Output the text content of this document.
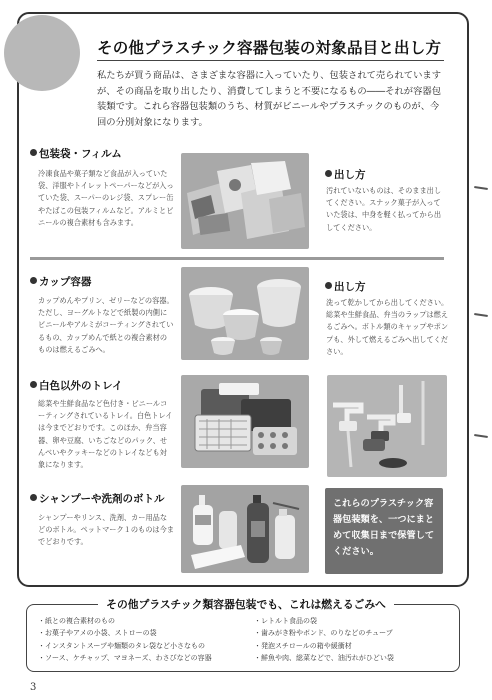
その他プラスチック容器包装の対象品目と出し方

私たちが買う商品は、さまざまな容器に入っていたり、包装されて売られていますが、その商品を取り出したり、消費してしまうと不要になるもの――それが容器包装類です。これら容器包装類のうち、材質がビニールやプラスチックのものが、今回の分別対象になります。

包装袋・フィルム

冷凍食品や菓子類など食品が入っていた袋、洋服やトイレットペーパーなどが入っていた袋、スーパーのレジ袋、スプレー缶やたばこの包装フィルムなど。アルミとビニールの複合素材も含みます。

出し方

汚れていないものは、そのまま出してください。スナック菓子が入っていた袋は、中身を軽く払ってから出してください。

カップ容器

カップめんやプリン、ゼリーなどの容器。ただし、ヨーグルトなどで紙製の内側にビニールやアルミがコーティングされているもの、カップめんで紙との複合素材のものは燃えるごみへ。

出し方

洗って乾かしてから出してください。
総菜や生鮮食品、弁当のラップは燃えるごみへ。ボトル類のキャップやポンプも、外して燃えるごみへ出してください。

白色以外のトレイ

総菜や生鮮食品など色付き・ビニールコーティングされているトレイ。白色トレイは今までどおりです。このほか、弁当容器、卵や豆腐、いちごなどのパック、せんべいやクッキーなどのトレイなども対象になります。

シャンプーや洗剤のボトル

シャンプーやリンス、洗剤、カー用品などのボトル。ペットマーク１のものは今までどおりです。

これらのプラスチック容器包装類を、一つにまとめて収集日まで保管してください。
その他プラスチック類容器包装でも、これは燃えるごみへ
・紙との複合素材のもの
・お菓子やアメの小袋、ストローの袋
・インスタントスープや麺類のタレ袋など小さなもの
・ソース、ケチャップ、マヨネーズ、わさびなどの容器
・レトルト食品の袋
・歯みがき粉やボンド、のりなどのチューブ
・発泡スチロールの箱や緩衝材
・鮮魚や肉、総菜などで、油汚れがひどい袋
3
